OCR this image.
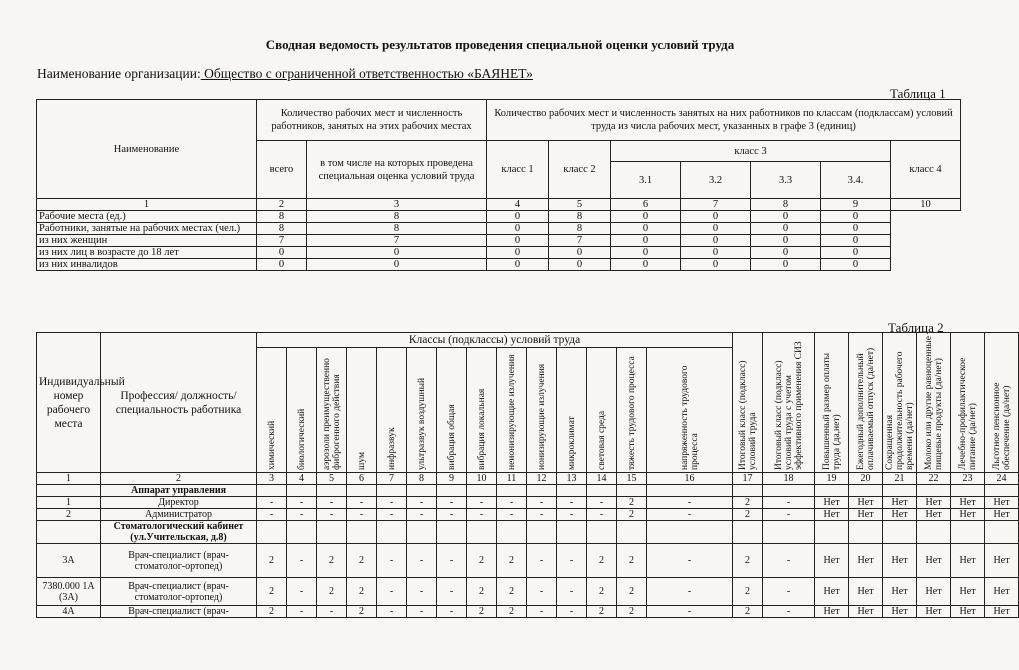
Сводная ведомость результатов проведения специальной оценки условий труда
Наименование организации: Общество с ограниченной ответственностью «БАЯНЕТ»
Таблица 1
Наименование	Количество рабочих мест и численность работников, занятых на этих рабочих местах		Количество рабочих мест и численность занятых на них работников по классам (подклассам) условий труда из числа рабочих мест, указанных в графе 3 (единиц)						
	всего	в том числе на которых проведена специальная оценка условий труда	класс 1	класс 2	класс 3				класс 4
					3.1	3.2	3.3	3.4.	
1	2	3	4	5	6	7	8	9	10
Рабочие места (ед.)	8	8	0	8	0	0	0	0	
Работники, занятые на рабочих местах (чел.)	8	8	0	8	0	0	0	0	
из них женщин	7	7	0	7	0	0	0	0	
из них лиц в возрасте до 18 лет	0	0	0	0	0	0	0	0	
из них инвалидов	0	0	0	0	0	0	0	0	
Таблица 2
Индивидуальный номер рабочего места	Профессия/ должность/ специальность работника	Классы (подклассы) условий труда														Итоговый класс (подкласс) условий труда	Итоговый класс (подкласс) условий труда с учетом эффективного применения СИЗ	Повышенный размер оплаты труда (да,нет)	Ежегодный дополнительный оплачиваемый отпуск (да/нет)	Сокращенная продолжительность рабочего времени (да/нет)	Молоко или другие равноценные пищевые продукты (да/нет)	Лечебно-профилактическое питание (да/нет)	Льготное пенсионное обеспечение (да/нет)

		химический	биологический	аэрозоли преимущественно фиброгенного действия	шум	инфразвук	ультразвук воздушный	вибрация общая	вибрация локальная	неионизирующие излучения	ионизирующие излучения	микроклимат	световая среда	тяжесть трудового процесса	напряженность трудового процесса								

1	2	3	4	5	6	7	8	9	10	11	12	13	14	15	16	17	18	19	20	21	22	23	24
	Аппарат управления																						
1	Директор	-	-	-	-	-	-	-	-	-	-	-	-	2	-	2	-	Нет	Нет	Нет	Нет	Нет	Нет
2	Администратор	-	-	-	-	-	-	-	-	-	-	-	-	2	-	2	-	Нет	Нет	Нет	Нет	Нет	Нет
	Стоматологический кабинет (ул.Учительская, д.8)																						
3А	Врач-специалист (врач-стоматолог-ортопед)	2	-	2	2	-	-	-	2	2	-	-	2	2	-	2	-	Нет	Нет	Нет	Нет	Нет	Нет
7380.000 1А (3А)	Врач-специалист (врач-стоматолог-ортопед)	2	-	2	2	-	-	-	2	2	-	-	2	2	-	2	-	Нет	Нет	Нет	Нет	Нет	Нет
4А	Врач-специалист (врач-	2	-	-	2	-	-	-	2	2	-	-	2	2	-	2	-	Нет	Нет	Нет	Нет	Нет	Нет
